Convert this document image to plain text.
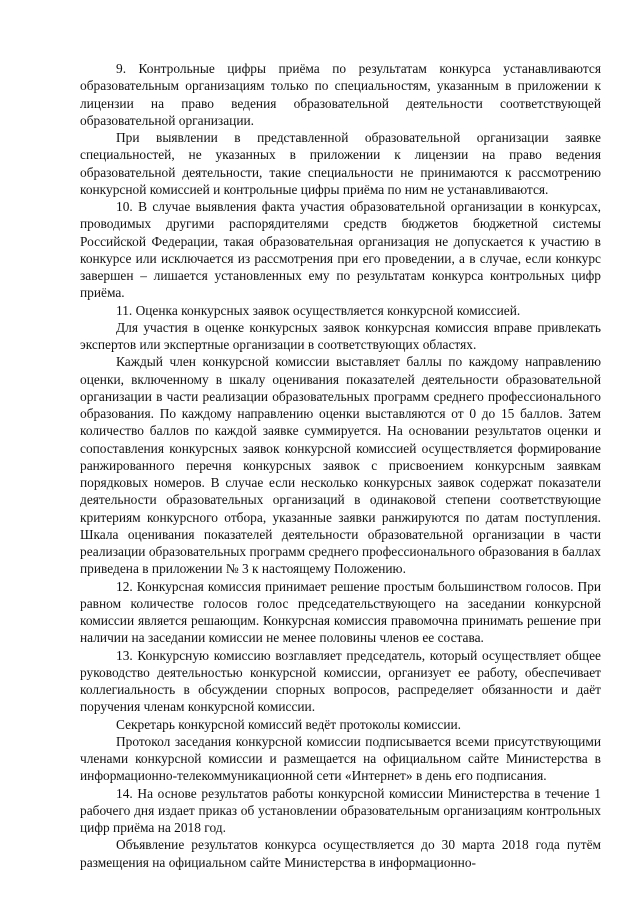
9. Контрольные цифры приёма по результатам конкурса устанавливаются образовательным организациям только по специальностям, указанным в приложении к лицензии на право ведения образовательной деятельности соответствующей образовательной организации.

При выявлении в представленной образовательной организации заявке специальностей, не указанных в приложении к лицензии на право ведения образовательной деятельности, такие специальности не принимаются к рассмотрению конкурсной комиссией и контрольные цифры приёма по ним не устанавливаются.

10. В случае выявления факта участия образовательной организации в конкурсах, проводимых другими распорядителями средств бюджетов бюджетной системы Российской Федерации, такая образовательная организация не допускается к участию в конкурсе или исключается из рассмотрения при его проведении, а в случае, если конкурс завершен – лишается установленных ему по результатам конкурса контрольных цифр приёма.

11. Оценка конкурсных заявок осуществляется конкурсной комиссией.

Для участия в оценке конкурсных заявок конкурсная комиссия вправе привлекать экспертов или экспертные организации в соответствующих областях.

Каждый член конкурсной комиссии выставляет баллы по каждому направлению оценки, включенному в шкалу оценивания показателей деятельности образовательной организации в части реализации образовательных программ среднего профессионального образования. По каждому направлению оценки выставляются от 0 до 15 баллов. Затем количество баллов по каждой заявке суммируется. На основании результатов оценки и сопоставления конкурсных заявок конкурсной комиссией осуществляется формирование ранжированного перечня конкурсных заявок с присвоением конкурсным заявкам порядковых номеров. В случае если несколько конкурсных заявок содержат показатели деятельности образовательных организаций в одинаковой степени соответствующие критериям конкурсного отбора, указанные заявки ранжируются по датам поступления. Шкала оценивания показателей деятельности образовательной организации в части реализации образовательных программ среднего профессионального образования в баллах приведена в приложении № 3 к настоящему Положению.

12. Конкурсная комиссия принимает решение простым большинством голосов. При равном количестве голосов голос председательствующего на заседании конкурсной комиссии является решающим. Конкурсная комиссия правомочна принимать решение при наличии на заседании комиссии не менее половины членов ее состава.

13. Конкурсную комиссию возглавляет председатель, который осуществляет общее руководство деятельностью конкурсной комиссии, организует ее работу, обеспечивает коллегиальность в обсуждении спорных вопросов, распределяет обязанности и даёт поручения членам конкурсной комиссии.

Секретарь конкурсной комиссий ведёт протоколы комиссии.

Протокол заседания конкурсной комиссии подписывается всеми присутствующими членами конкурсной комиссии и размещается на официальном сайте Министерства в информационно-телекоммуникационной сети «Интернет» в день его подписания.

14. На основе результатов работы конкурсной комиссии Министерства в течение 1 рабочего дня издает приказ об установлении образовательным организациям контрольных цифр приёма на 2018 год.

Объявление результатов конкурса осуществляется до 30 марта 2018 года путём размещения на официальном сайте Министерства в информационно-
